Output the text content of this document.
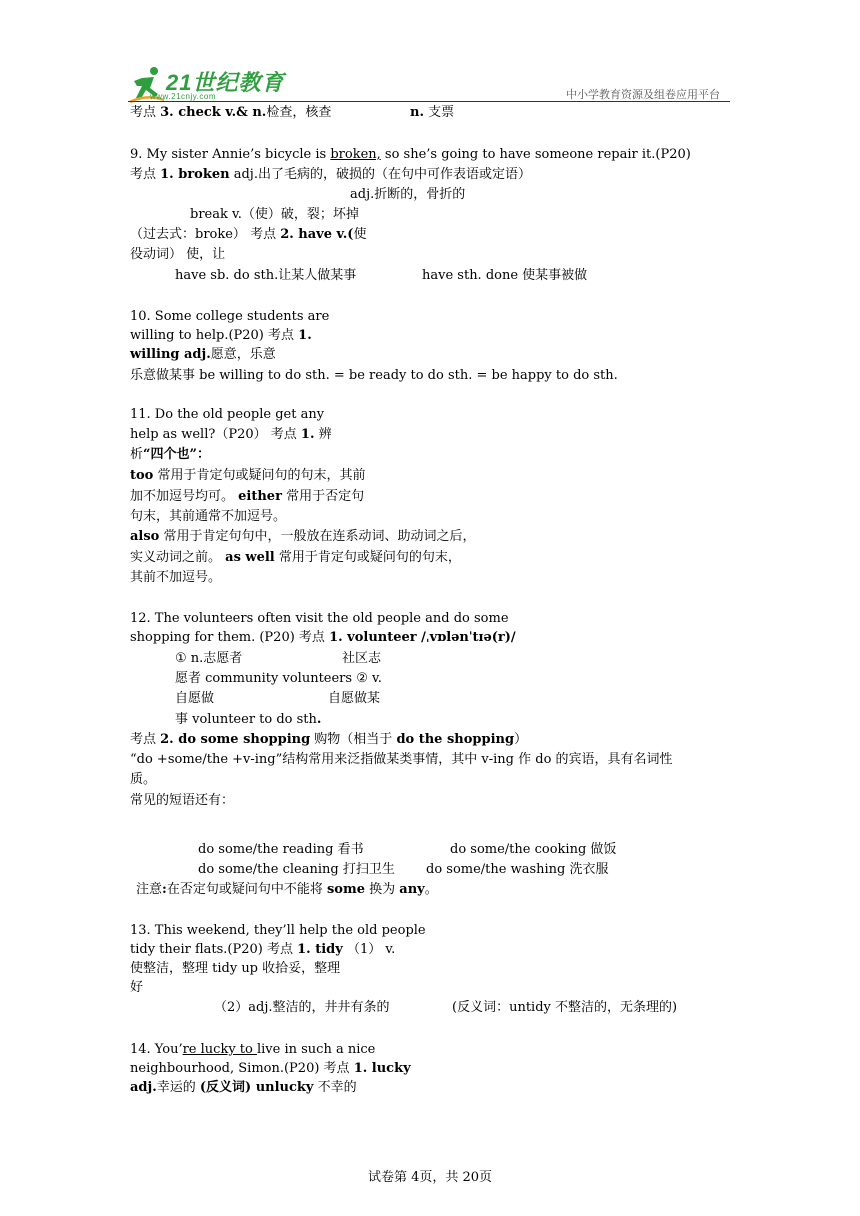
21世纪教育
www.21cnjy.com	中小学教育资源及组卷应用平台
考点 3. check v.& n.检查，核查	n. 支票
9. My sister Annie’s bicycle is broken, so she’s going to have someone repair it.(P20)
考点 1. broken adj.出了毛病的，破损的（在句中可作表语或定语）
adj.折断的，骨折的
break v.（使）破，裂；坏掉
（过去式：broke） 考点 2. have v.(使
役动词） 使，让
have sb. do sth.让某人做某事	have sth. done 使某事被做
10. Some college students are
willing to help.(P20) 考点 1.
willing adj.愿意，乐意
乐意做某事 be willing to do sth. = be ready to do sth. = be happy to do sth.
11. Do the old people get any
help as well?（P20） 考点 1. 辨
析“四个也”：
too 常用于肯定句或疑问句的句末，其前
加不加逗号均可。 either 常用于否定句
句末，其前通常不加逗号。
also 常用于肯定句句中，一般放在连系动词、助动词之后，
实义动词之前。 as well 常用于肯定句或疑问句的句末，
其前不加逗号。
12. The volunteers often visit the old people and do some
shopping for them. (P20) 考点 1. volunteer /ˌvɒlənˈtɪə(r)/
① n.志愿者	社区志
愿者 community volunteers ② v.
自愿做	自愿做某
事 volunteer to do sth.
考点 2. do some shopping 购物（相当于 do the shopping）
“do +some/the +v-ing”结构常用来泛指做某类事情，其中 v-ing 作 do 的宾语，具有名词性
质。
常见的短语还有：
do some/the reading 看书	do some/the cooking 做饭
do some/the cleaning 打扫卫生 do some/the washing 洗衣服
注意:在否定句或疑问句中不能将 some 换为 any。
13. This weekend, they’ll help the old people
tidy their flats.(P20) 考点 1. tidy （1） v.
使整洁，整理 tidy up 收拾妥，整理
好
（2）adj.整洁的，井井有条的	(反义词：untidy 不整洁的，无条理的)
14. You’re lucky to live in such a nice
neighbourhood, Simon.(P20) 考点 1. lucky
adj.幸运的 (反义词) unlucky 不幸的
试卷第 4页，共 20页
